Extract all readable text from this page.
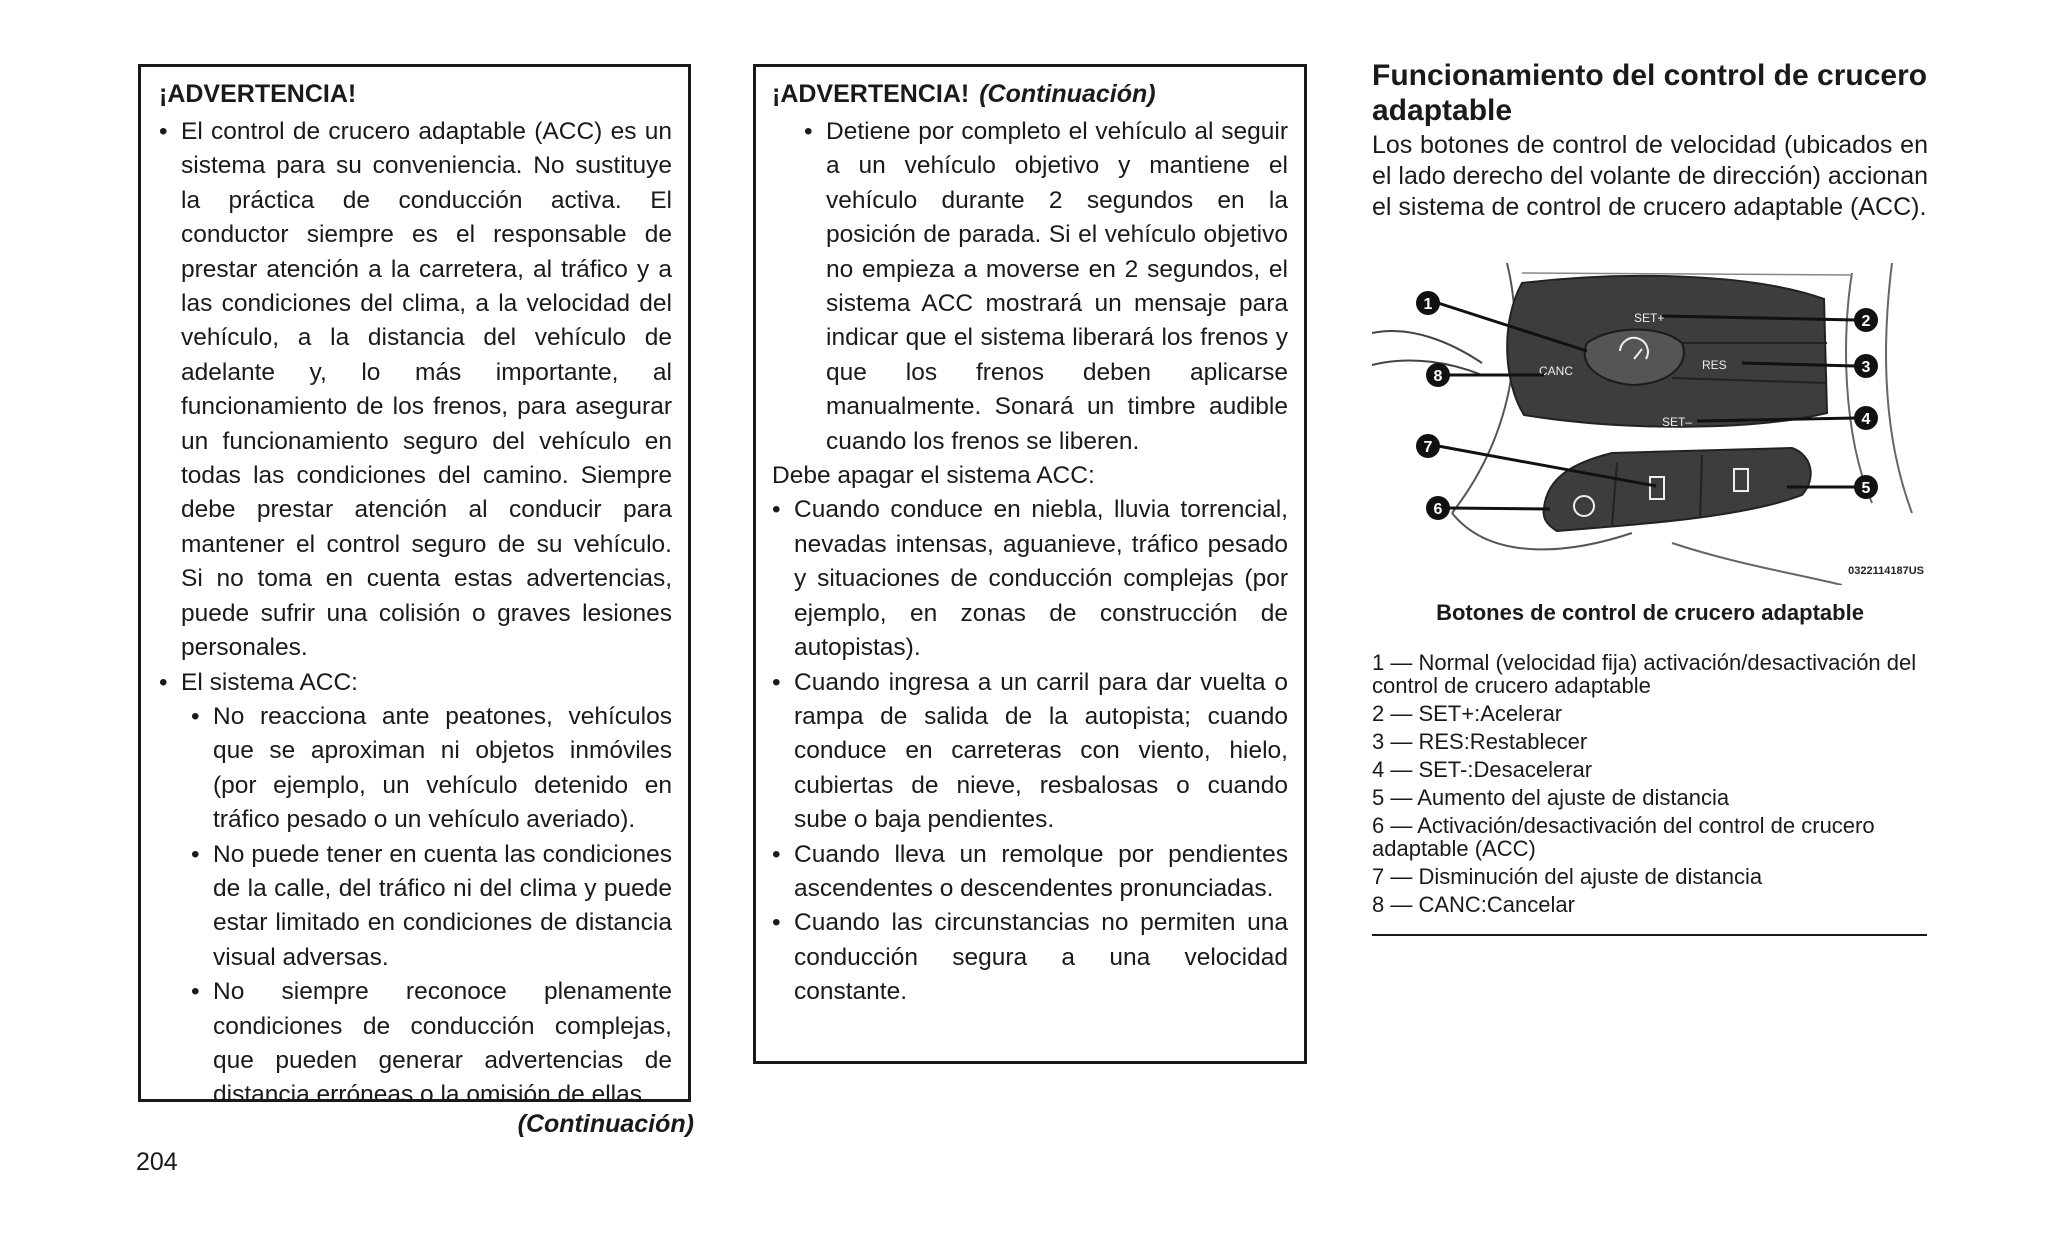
¡ADVERTENCIA!

• El control de crucero adaptable (ACC) es un sistema para su conveniencia. No sustituye la práctica de conducción activa. El conductor siempre es el responsable de prestar atención a la carretera, al tráfico y a las condiciones del clima, a la velocidad del vehículo, a la distancia del vehículo de adelante y, lo más importante, al funcionamiento de los frenos, para asegurar un funcionamiento seguro del vehículo en todas las condiciones del camino. Siempre debe prestar atención al conducir para mantener el control seguro de su vehículo. Si no toma en cuenta estas advertencias, puede sufrir una colisión o graves lesiones personales.

• El sistema ACC:

• No reacciona ante peatones, vehículos que se aproximan ni objetos inmóviles (por ejemplo, un vehículo detenido en tráfico pesado o un vehículo averiado).

• No puede tener en cuenta las condiciones de la calle, del tráfico ni del clima y puede estar limitado en condiciones de distancia visual adversas.

• No siempre reconoce plenamente condiciones de conducción complejas, que pueden generar advertencias de distancia erróneas o la omisión de ellas.

¡ADVERTENCIA! (Continuación)

• Detiene por completo el vehículo al seguir a un vehículo objetivo y mantiene el vehículo durante 2 segundos en la posición de parada. Si el vehículo objetivo no empieza a moverse en 2 segundos, el sistema ACC mostrará un mensaje para indicar que el sistema liberará los frenos y que los frenos deben aplicarse manualmente. Sonará un timbre audible cuando los frenos se liberen.

Debe apagar el sistema ACC:

• Cuando conduce en niebla, lluvia torrencial, nevadas intensas, aguanieve, tráfico pesado y situaciones de conducción complejas (por ejemplo, en zonas de construcción de autopistas).

• Cuando ingresa a un carril para dar vuelta o rampa de salida de la autopista; cuando conduce en carreteras con viento, hielo, cubiertas de nieve, resbalosas o cuando sube o baja pendientes.

• Cuando lleva un remolque por pendientes ascendentes o descendentes pronunciadas.

• Cuando las circunstancias no permiten una conducción segura a una velocidad constante.

(Continuación)
204
Funcionamiento del control de crucero adaptable

Los botones de control de velocidad (ubicados en el lado derecho del volante de dirección) accionan el sistema de control de crucero adaptable (ACC).

SET+
RES
SET–
CANC
1
2
3
4
5
6
7
8
0322114187US
Botones de control de crucero adaptable
1 — Normal (velocidad fija) activación/desactivación del control de crucero adaptable
2 — SET+:Acelerar
3 — RES:Restablecer
4 — SET-:Desacelerar
5 — Aumento del ajuste de distancia
6 — Activación/desactivación del control de crucero adaptable (ACC)
7 — Disminución del ajuste de distancia
8 — CANC:Cancelar
